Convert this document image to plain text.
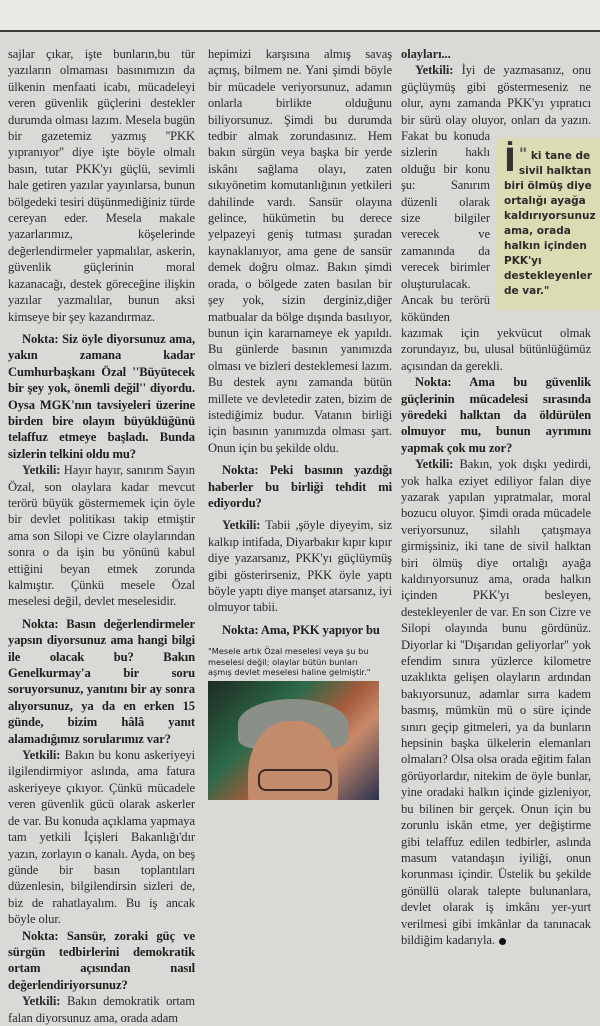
sajlar çıkar, işte bunların,bu tür yazıların olmaması basınımızın da ülkenin menfaati icabı, mücadeleyi veren güvenlik güçlerini destekler durumda olması lazım. Mesela bugün bir gazetemiz yazmış ''PKK yıpranıyor'' diye işte böyle olmalı basın, tutar PKK'yı güçlü, sevimli hale getiren yazılar yayınlarsa, bunun bölgedeki tesiri düşünmediğiniz türde cereyan eder. Mesela makale yazarlarımız, köşelerinde değerlendirmeler yapmalılar, askerin, güvenlik güçlerinin moral kazanacağı, destek göreceğine ilişkin yazılar yazmalılar, bunun aksi kimseye bir şey kazandırmaz.

Nokta: Siz öyle diyorsunuz ama, yakın zamana kadar Cumhurbaşkanı Özal ''Büyütecek bir şey yok, önemli değil'' diyordu. Oysa MGK'nın tavsiyeleri üzerine birden bire olayın büyüklüğünü telaffuz etmeye başladı. Bunda sizlerin telkini oldu mu?

Yetkili: Hayır hayır, sanırım Sayın Özal, son olaylara kadar mevcut terörü büyük göstermemek için öyle bir devlet politikası takip etmiştir ama son Silopi ve Cizre olaylarından sonra o da işin bu yönünü kabul ettiğini beyan etmek zorunda kalmıştır. Çünkü mesele Özal meselesi değil, devlet meselesidir.

Nokta: Basın değerlendirmeler yapsın diyorsunuz ama hangi bilgi ile olacak bu? Bakın Genelkurmay'a bir soru soruyorsunuz, yanıtını bir ay sonra alıyorsunuz, ya da en erken 15 günde, bizim hâlâ yanıt alamadığımız sorularımız var?

Yetkili: Bakın bu konu askeriyeyi ilgilendirmiyor aslında, ama fatura askeriyeye çıkıyor. Çünkü mücadele veren güvenlik gücü olarak askerler de var. Bu konuda açıklama yapmaya tam yetkili İçişleri Bakanlığı'dır yazın, zorlayın o kanalı. Ayda, on beş günde bir basın toplantıları düzenlesin, bilgilendirsin sizleri de, biz de rahatlayalım. Bu iş ancak böyle olur.

Nokta: Sansür, zoraki güç ve sürgün tedbirlerini demokratik ortam açısından nasıl değerlendiriyorsunuz?

Yetkili: Bakın demokratik ortam falan diyorsunuz ama, orada adam

hepimizi karşısına almış savaş açmış, bilmem ne. Yani şimdi böyle bir mücadele veriyorsunuz, adamın onlarla birlikte olduğunu biliyorsunuz. Şimdi bu durumda tedbir almak zorundasınız. Hem bakın sürgün veya başka bir yerde iskânı sağlama olayı, zaten sıkıyönetim komutanlığının yetkileri dahilinde vardı. Sansür olayına gelince, hükümetin bu derece yelpazeyi geniş tutması şuradan kaynaklanıyor, ama gene de sansür demek doğru olmaz. Bakın şimdi orada, o bölgede zaten basılan bir şey yok, sizin derginiz,diğer matbualar da bölge dışında basılıyor, bunun için kararnameye ek yapıldı. Bu günlerde basının yanımızda olması ve bizleri desteklemesi lazım. Bu destek aynı zamanda bütün millete ve devletedir zaten, bizim de istediğimiz budur. Vatanın birliği için basının yanımızda olması şart. Onun için bu şekilde oldu.

Nokta: Peki basının yazdığı haberler bu birliği tehdit mi ediyordu?

Yetkili: Tabii ,şöyle diyeyim, siz kalkıp intifada, Diyarbakır kıpır kıpır diye yazarsanız, PKK'yı güçlüymüş gibi gösterirseniz, PKK öyle yaptı böyle yaptı diye manşet atarsanız, iyi olmuyor tabii.

Nokta: Ama, PKK yapıyor bu

"Mesele artık Özal meselesi veya şu bu meselesi değil; olaylar bütün bunları aşmış devlet meselesi haline gelmiştir."
"
İ ki tane de sivil halktan biri ölmüş diye ortalığı ayağa kaldırıyorsunuz ama, orada halkın içinden PKK'yı destekleyenler de var."

olayları...

Yetkili: İyi de yazmasanız, onu güçlüymüş gibi göstermeseniz ne olur, aynı zamanda PKK'yı yıpratıcı bir sürü olay oluyor, onları da yazın. Fakat bu konuda sizlerin haklı olduğu bir konu şu: Sanırım düzenli olarak size bilgiler verecek ve zamanında da verecek birimler oluşturulacak. Ancak bu terörü kökünden kazımak için yekvücut olmak zorundayız, bu, ulusal bütünlüğümüz açısından da gerekli.

Nokta: Ama bu güvenlik güçlerinin mücadelesi sırasında yöredeki halktan da öldürülen olmuyor mu, bunun ayrımını yapmak çok mu zor?

Yetkili: Bakın, yok dışkı yedirdi, yok halka eziyet ediliyor falan diye yazarak yapılan yıpratmalar, moral bozucu oluyor. Şimdi orada mücadele veriyorsunuz, silahlı çatışmaya girmişsiniz, iki tane de sivil halktan biri ölmüş diye ortalığı ayağa kaldırıyorsunuz ama, orada halkın içinden PKK'yı besleyen, destekleyenler de var. En son Cizre ve Silopi olayında bunu gördünüz. Diyorlar ki ''Dışarıdan geliyorlar'' yok efendim sınıra yüzlerce kilometre uzaklıkta gelişen olayların ardından bakıyorsunuz, adamlar sırra kadem basmış, mümkün mü o süre içinde sınırı geçip gitmeleri, ya da bunların hepsinin başka ülkelerin elemanları olmaları? Olsa olsa orada eğitim falan görüyorlardır, nitekim de öyle bunlar, yine oradaki halkın içinde gizleniyor, bu bilinen bir gerçek. Onun için bu zorunlu iskân etme, yer değiştirme gibi telaffuz edilen tedbirler, aslında masum vatandaşın iyiliği, onun korunması içindir. Üstelik bu şekilde gönüllü olarak talepte bulunanlara, devlet olarak iş imkânı yer-yurt verilmesi gibi imkânlar da tanınacak bildiğim kadarıyla.
